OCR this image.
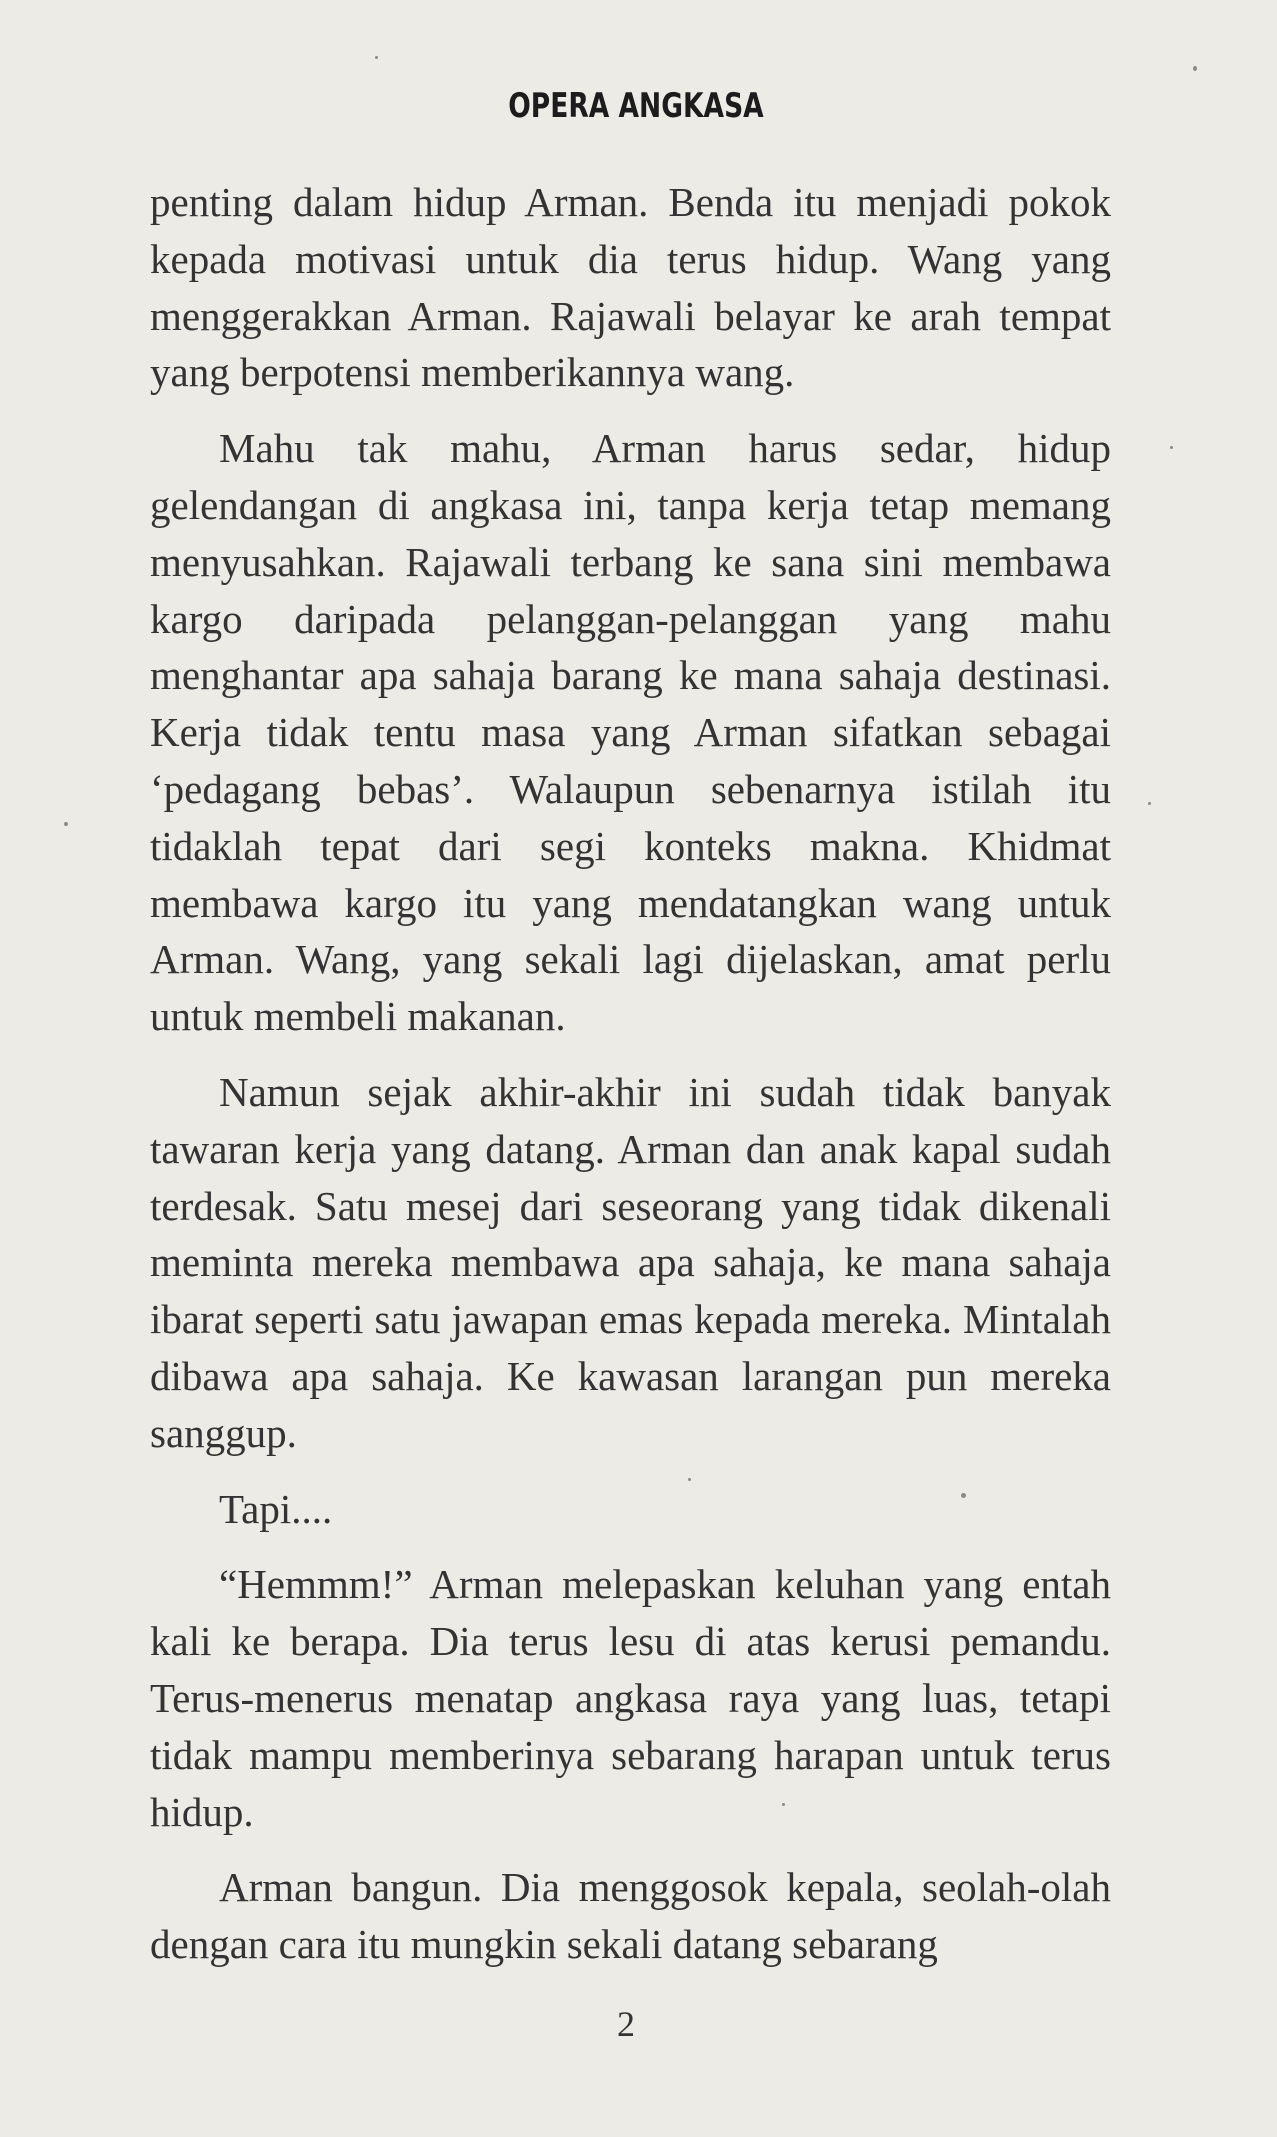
OPERA ANGKASA

penting dalam hidup Arman. Benda itu menjadi pokok kepada motivasi untuk dia terus hidup. Wang yang menggerakkan Arman. Rajawali belayar ke arah tempat yang berpotensi memberikannya wang.

Mahu tak mahu, Arman harus sedar, hidup gelendangan di angkasa ini, tanpa kerja tetap memang menyusahkan. Rajawali terbang ke sana sini membawa kargo daripada pelanggan-pelanggan yang mahu menghantar apa sahaja barang ke mana sahaja destinasi. Kerja tidak tentu masa yang Arman sifatkan sebagai ‘pedagang bebas’. Walaupun sebenarnya istilah itu tidaklah tepat dari segi konteks makna. Khidmat membawa kargo itu yang mendatangkan wang untuk Arman. Wang, yang sekali lagi dijelaskan, amat perlu untuk membeli makanan.

Namun sejak akhir-akhir ini sudah tidak banyak tawaran kerja yang datang. Arman dan anak kapal sudah terdesak. Satu mesej dari seseorang yang tidak dikenali meminta mereka membawa apa sahaja, ke mana sahaja ibarat seperti satu jawapan emas kepada mereka. Mintalah dibawa apa sahaja. Ke kawasan larangan pun mereka sanggup.

Tapi....

“Hemmm!” Arman melepaskan keluhan yang entah kali ke berapa. Dia terus lesu di atas kerusi pemandu. Terus-menerus menatap angkasa raya yang luas, tetapi tidak mampu memberinya sebarang harapan untuk terus hidup.

Arman bangun. Dia menggosok kepala, seolah-olah dengan cara itu mungkin sekali datang sebarang

2
